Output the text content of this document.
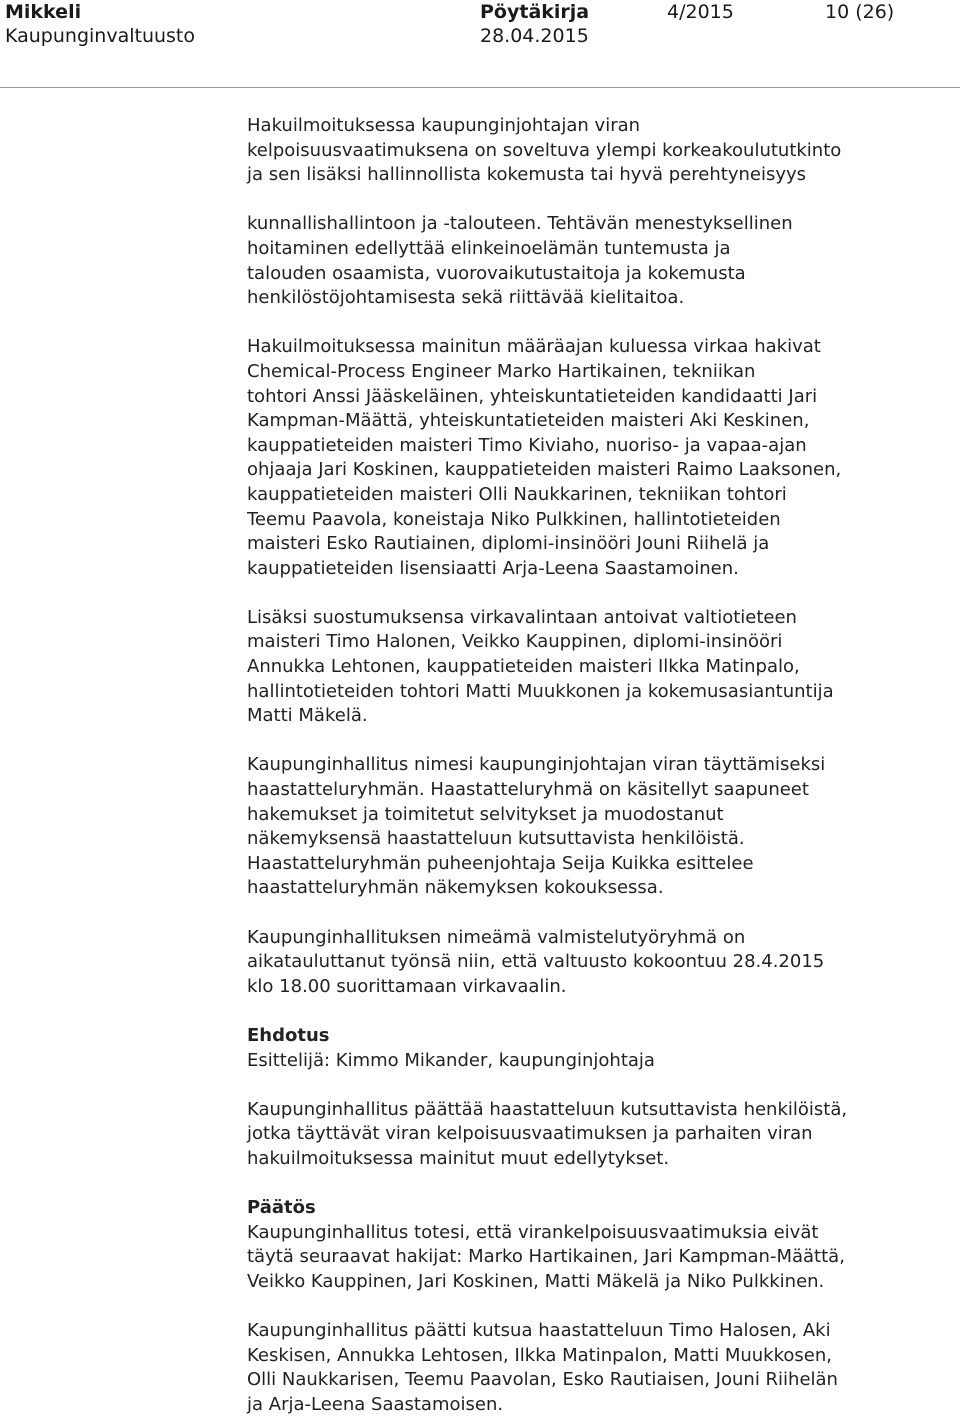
Mikkeli
Kaupunginvaltuusto
Pöytäkirja
28.04.2015
4/2015	10 (26)

Hakuilmoituksessa kaupunginjohtajan viran
kelpoisuusvaatimuksena on soveltuva ylempi korkeakoulututkinto
ja sen lisäksi hallinnollista kokemusta tai hyvä perehtyneisyys

kunnallishallintoon ja -talouteen. Tehtävän menestyksellinen
hoitaminen edellyttää elinkeinoelämän tuntemusta ja
talouden osaamista, vuorovaikutustaitoja ja kokemusta
henkilöstöjohtamisesta sekä riittävää kielitaitoa.

Hakuilmoituksessa mainitun määräajan kuluessa virkaa hakivat
Chemical-Process Engineer Marko Hartikainen, tekniikan
tohtori Anssi Jääskeläinen, yhteiskuntatieteiden kandidaatti Jari
Kampman-Määttä, yhteiskuntatieteiden maisteri Aki Keskinen,
kauppatieteiden maisteri Timo Kiviaho, nuoriso- ja vapaa-ajan
ohjaaja Jari Koskinen, kauppatieteiden maisteri Raimo Laaksonen,
kauppatieteiden maisteri Olli Naukkarinen, tekniikan tohtori
Teemu Paavola, koneistaja Niko Pulkkinen, hallintotieteiden
maisteri Esko Rautiainen, diplomi-insinööri Jouni Riihelä ja
kauppatieteiden lisensiaatti Arja-Leena Saastamoinen.

Lisäksi suostumuksensa virkavalintaan antoivat valtiotieteen
maisteri Timo Halonen, Veikko Kauppinen, diplomi-insinööri
Annukka Lehtonen, kauppatieteiden maisteri Ilkka Matinpalo,
hallintotieteiden tohtori Matti Muukkonen ja kokemusasiantuntija
Matti Mäkelä.

Kaupunginhallitus nimesi kaupunginjohtajan viran täyttämiseksi
haastatteluryhmän. Haastatteluryhmä on käsitellyt saapuneet
hakemukset ja toimitetut selvitykset ja muodostanut
näkemyksensä haastatteluun kutsuttavista henkilöistä.
Haastatteluryhmän puheenjohtaja Seija Kuikka esittelee
haastatteluryhmän näkemyksen kokouksessa.

Kaupunginhallituksen nimeämä valmistelutyöryhmä on
aikatauluttanut työnsä niin, että valtuusto kokoontuu 28.4.2015
klo 18.00 suorittamaan virkavaalin.

Ehdotus

Esittelijä: Kimmo Mikander, kaupunginjohtaja

Kaupunginhallitus päättää haastatteluun kutsuttavista henkilöistä,
jotka täyttävät viran kelpoisuusvaatimuksen ja parhaiten viran
hakuilmoituksessa mainitut muut edellytykset.

Päätös

Kaupunginhallitus totesi, että virankelpoisuusvaatimuksia eivät
täytä seuraavat hakijat: Marko Hartikainen, Jari Kampman-Määttä,
Veikko Kauppinen, Jari Koskinen, Matti Mäkelä ja Niko Pulkkinen.

Kaupunginhallitus päätti kutsua haastatteluun Timo Halosen, Aki
Keskisen, Annukka Lehtosen, Ilkka Matinpalon, Matti Muukkosen,
Olli Naukkarisen, Teemu Paavolan, Esko Rautiaisen, Jouni Riihelän
ja Arja-Leena Saastamoisen.
